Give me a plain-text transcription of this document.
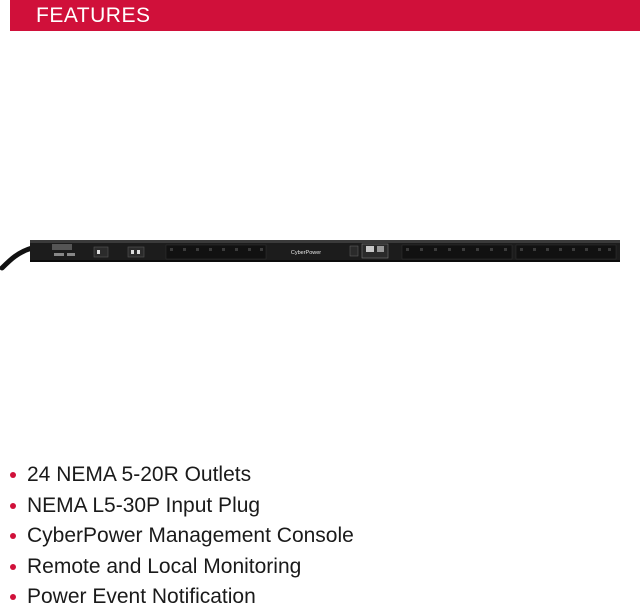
FEATURES
CyberPower
24 NEMA 5-20R Outlets
NEMA L5-30P Input Plug
CyberPower Management Console
Remote and Local Monitoring
Power Event Notification
